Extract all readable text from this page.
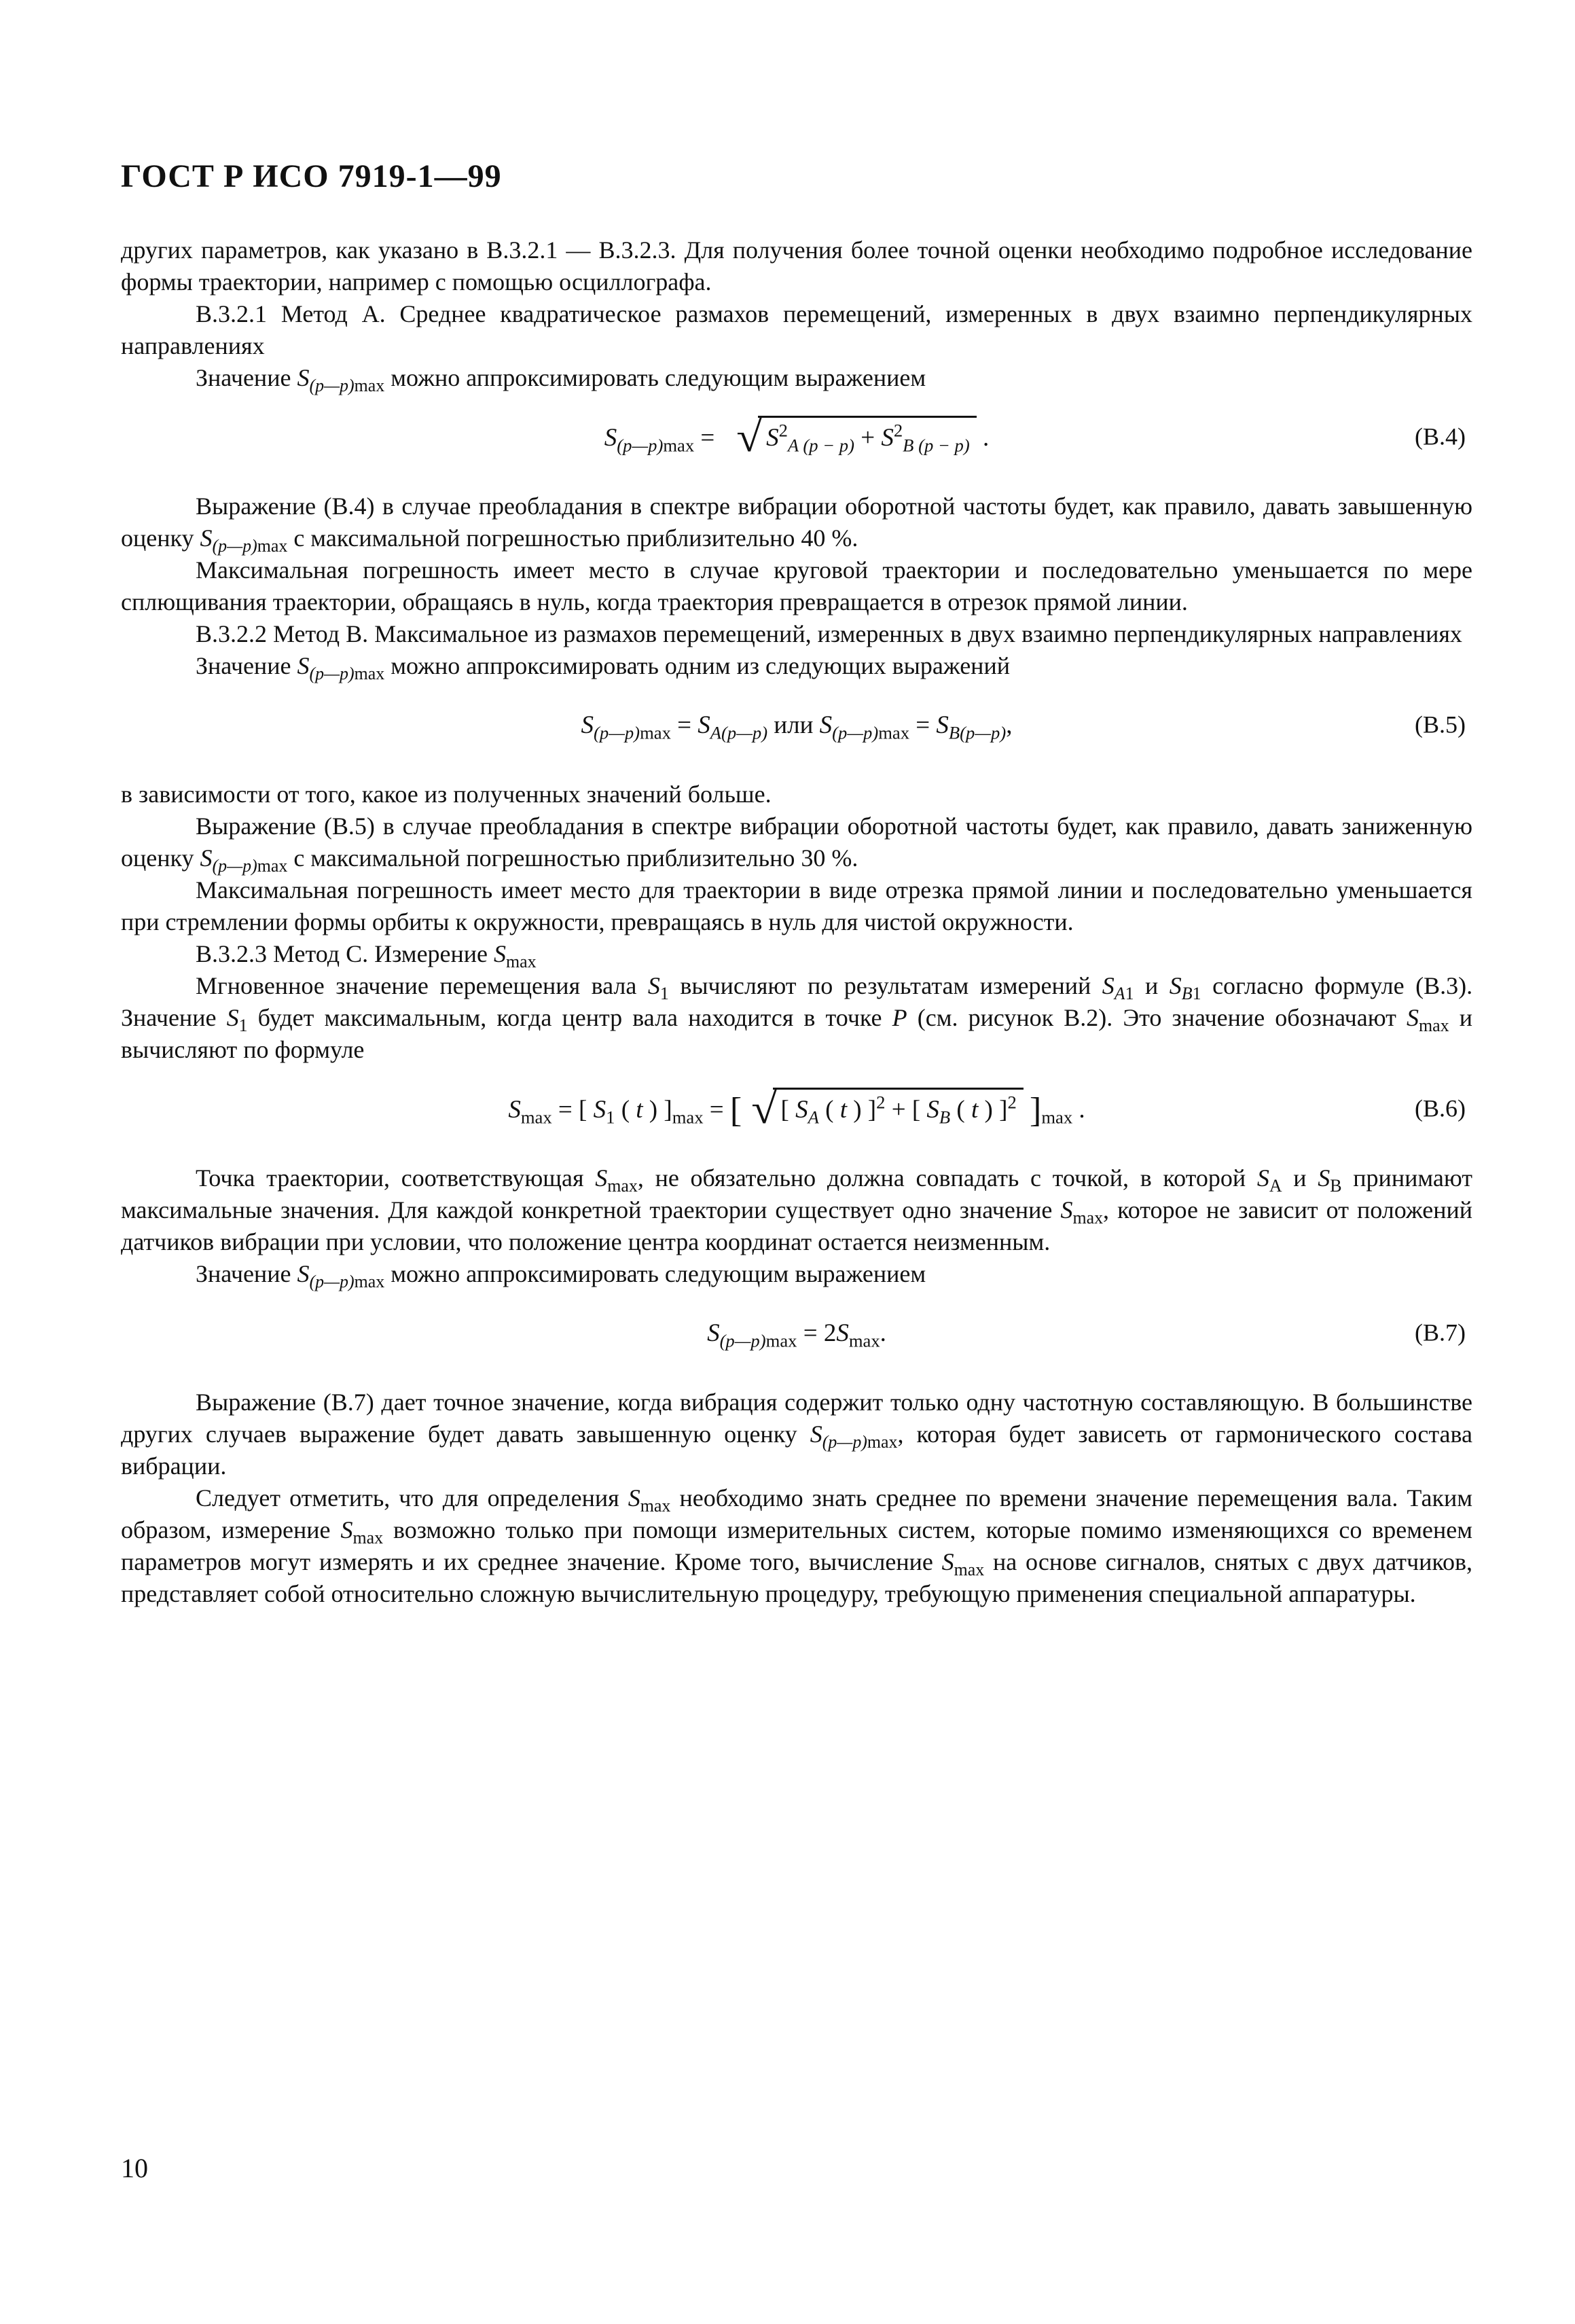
ГОСТ Р ИСО 7919-1—99

других параметров, как указано в В.3.2.1 — В.3.2.3. Для получения более точной оценки необходимо подробное исследование формы траектории, например с помощью осциллографа.

В.3.2.1 Метод А. Среднее квадратическое размахов перемещений, измеренных в двух взаимно перпендикулярных направлениях

Значение $S_{(p—p)max}$ можно аппроксимировать следующим выражением

$S_{(p—p)max}$ =   √ $S^2_{A (p - p)} + S^2_{B (p - p)}$ .	(В.4)

Выражение (В.4) в случае преобладания в спектре вибрации оборотной частоты будет, как правило, давать завышенную оценку $S_{(p—p)max}$ с максимальной погрешностью приблизительно 40 %.

Максимальная погрешность имеет место в случае круговой траектории и последовательно уменьшается по мере сплющивания траектории, обращаясь в нуль, когда траектория превращается в отрезок прямой линии.

В.3.2.2 Метод В. Максимальное из размахов перемещений, измеренных в двух взаимно перпендикулярных направлениях

Значение $S_{(p—p)max}$ можно аппроксимировать одним из следующих выражений

$S_{(p—p)max} = S_{A(p—p)}$ или $S_{(p—p)max} = S_{B(p—p)}$,	(В.5)

в зависимости от того, какое из полученных значений больше.

Выражение (В.5) в случае преобладания в спектре вибрации оборотной частоты будет, как правило, давать заниженную оценку $S_{(p—p)max}$ с максимальной погрешностью приблизительно 30 %.

Максимальная погрешность имеет место для траектории в виде отрезка прямой линии и последовательно уменьшается при стремлении формы орбиты к окружности, превращаясь в нуль для чистой окружности.

В.3.2.3 Метод С. Измерение $S_{max}$

Мгновенное значение перемещения вала $S_1$ вычисляют по результатам измерений $S_{A1}$ и $S_{B1}$ согласно формуле (В.3). Значение $S_1$ будет максимальным, когда центр вала находится в точке P (см. рисунок В.2). Это значение обозначают $S_{max}$ и вычисляют по формуле

$S_{max}$ = [ $S_1$ ( t ) ]$_{max}$ = [ √ [ $S_A$ ( t ) ]$^2$ + [ $S_B$ ( t ) ]$^2$ ]$_{max}$ .	(В.6)

Точка траектории, соответствующая $S_{max}$, не обязательно должна совпадать с точкой, в которой $S_A$ и $S_B$ принимают максимальные значения. Для каждой конкретной траектории существует одно значение $S_{max}$, которое не зависит от положений датчиков вибрации при условии, что положение центра координат остается неизменным.

Значение $S_{(p—p)max}$ можно аппроксимировать следующим выражением

$S_{(p—p)max} = 2S_{max}$.	(В.7)

Выражение (В.7) дает точное значение, когда вибрация содержит только одну частотную составляющую. В большинстве других случаев выражение будет давать завышенную оценку $S_{(p—p)max}$, которая будет зависеть от гармонического состава вибрации.

Следует отметить, что для определения $S_{max}$ необходимо знать среднее по времени значение перемещения вала. Таким образом, измерение $S_{max}$ возможно только при помощи измерительных систем, которые помимо изменяющихся со временем параметров могут измерять и их среднее значение. Кроме того, вычисление $S_{max}$ на основе сигналов, снятых с двух датчиков, представляет собой относительно сложную вычислительную процедуру, требующую применения специальной аппаратуры.

10
